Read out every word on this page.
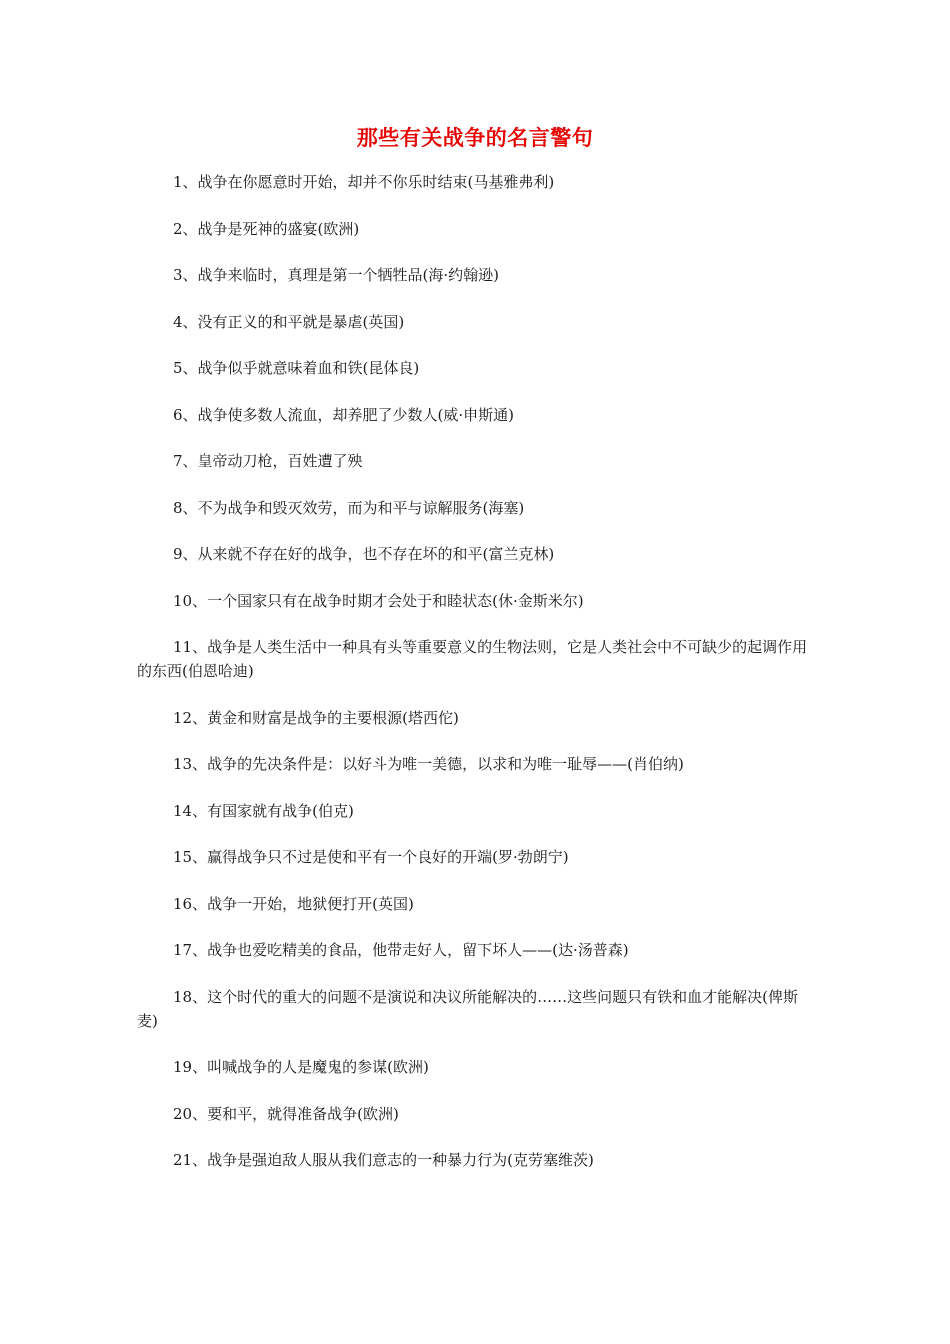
那些有关战争的名言警句

1、战争在你愿意时开始，却并不你乐时结束(马基雅弗利)

2、战争是死神的盛宴(欧洲)

3、战争来临时，真理是第一个牺牲品(海·约翰逊)

4、没有正义的和平就是暴虐(英国)

5、战争似乎就意味着血和铁(昆体良)

6、战争使多数人流血，却养肥了少数人(威·申斯通)

7、皇帝动刀枪，百姓遭了殃

8、不为战争和毁灭效劳，而为和平与谅解服务(海塞)

9、从来就不存在好的战争，也不存在坏的和平(富兰克林)

10、一个国家只有在战争时期才会处于和睦状态(休·金斯米尔)

11、战争是人类生活中一种具有头等重要意义的生物法则，它是人类社会中不可缺少的起调作用的东西(伯恩哈迪)

12、黄金和财富是战争的主要根源(塔西佗)

13、战争的先决条件是：以好斗为唯一美德，以求和为唯一耻辱——(肖伯纳)

14、有国家就有战争(伯克)

15、赢得战争只不过是使和平有一个良好的开端(罗·勃朗宁)

16、战争一开始，地狱便打开(英国)

17、战争也爱吃精美的食品，他带走好人，留下坏人——(达·汤普森)

18、这个时代的重大的问题不是演说和决议所能解决的……这些问题只有铁和血才能解决(俾斯麦)

19、叫喊战争的人是魔鬼的参谋(欧洲)

20、要和平，就得准备战争(欧洲)

21、战争是强迫敌人服从我们意志的一种暴力行为(克劳塞维茨)
